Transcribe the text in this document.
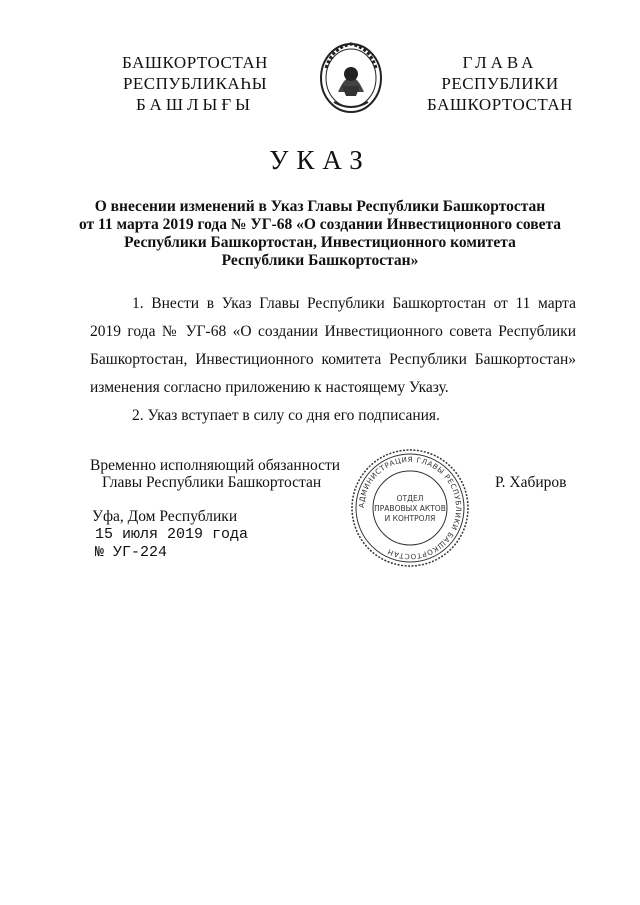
БАШКОРТОСТАН
РЕСПУБЛИКАҺЫ
БАШЛЫҒЫ
ГЛАВА
РЕСПУБЛИКИ
БАШКОРТОСТАН
УКАЗ
О внесении изменений в Указ Главы Республики Башкортостан
от 11 марта 2019 года № УГ-68 «О создании Инвестиционного совета
Республики Башкортостан, Инвестиционного комитета
Республики Башкортостан»
1. Внести в Указ Главы Республики Башкортостан от 11 марта
2019 года № УГ-68 «О создании Инвестиционного совета Республики
Башкортостан, Инвестиционного комитета Республики Башкортостан»
изменения согласно приложению к настоящему Указу.

2. Указ вступает в силу со дня его подписания.

Временно исполняющий обязанности
Главы Республики Башкортостан	Р. Хабиров
АДМИНИСТРАЦИЯ ГЛАВЫ РЕСПУБЛИКИ БАШКОРТОСТАН
ОТДЕЛ
ПРАВОВЫХ АКТОВ
И КОНТРОЛЯ
Уфа, Дом Республики
15 июля 2019 года
№ УГ-224
